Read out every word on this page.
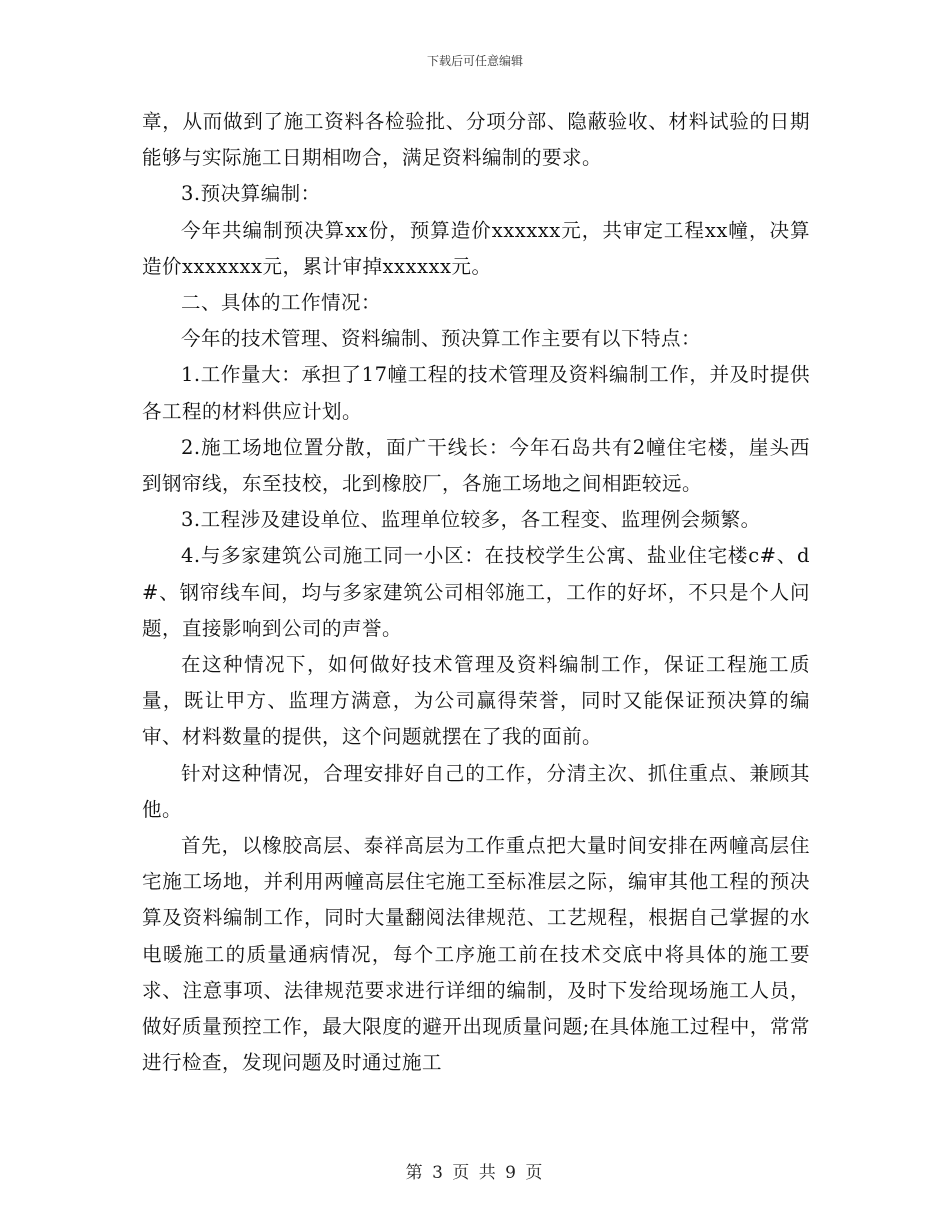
下载后可任意编辑

章，从而做到了施工资料各检验批、分项分部、隐蔽验收、材料试验的日期能够与实际施工日期相吻合，满足资料编制的要求。

3.预决算编制：

今年共编制预决算xx份，预算造价xxxxxx元，共审定工程xx幢，决算造价xxxxxxx元，累计审掉xxxxxx元。

二、具体的工作情况：

今年的技术管理、资料编制、预决算工作主要有以下特点：

1.工作量大：承担了17幢工程的技术管理及资料编制工作，并及时提供各工程的材料供应计划。

2.施工场地位置分散，面广干线长：今年石岛共有2幢住宅楼，崖头西到钢帘线，东至技校，北到橡胶厂，各施工场地之间相距较远。

3.工程涉及建设单位、监理单位较多，各工程变、监理例会频繁。

4.与多家建筑公司施工同一小区：在技校学生公寓、盐业住宅楼c#、d#、钢帘线车间，均与多家建筑公司相邻施工，工作的好坏，不只是个人问题，直接影响到公司的声誉。

在这种情况下，如何做好技术管理及资料编制工作，保证工程施工质量，既让甲方、监理方满意，为公司赢得荣誉，同时又能保证预决算的编审、材料数量的提供，这个问题就摆在了我的面前。

针对这种情况，合理安排好自己的工作，分清主次、抓住重点、兼顾其他。

首先，以橡胶高层、泰祥高层为工作重点把大量时间安排在两幢高层住宅施工场地，并利用两幢高层住宅施工至标准层之际，编审其他工程的预决算及资料编制工作，同时大量翻阅法律规范、工艺规程，根据自己掌握的水电暖施工的质量通病情况，每个工序施工前在技术交底中将具体的施工要求、注意事项、法律规范要求进行详细的编制，及时下发给现场施工人员，做好质量预控工作，最大限度的避开出现质量问题;在具体施工过程中，常常进行检查，发现问题及时通过施工

第 3 页 共 9 页
